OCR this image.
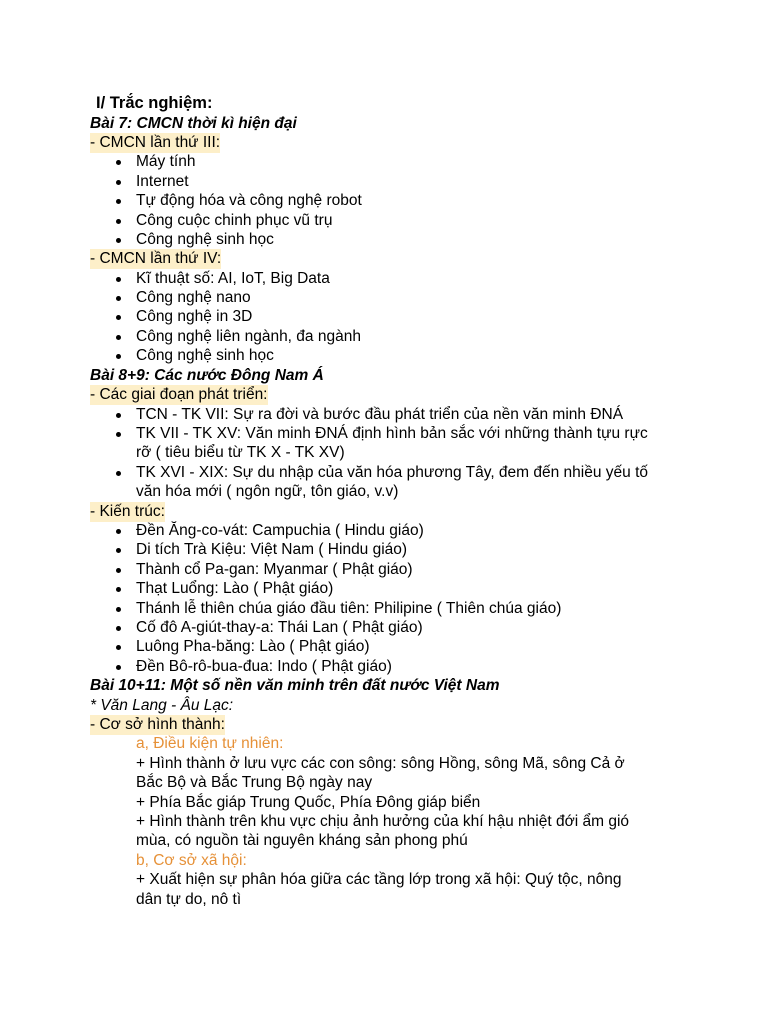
I/ Trắc nghiệm:
Bài 7: CMCN thời kì hiện đại
- CMCN lần thứ III:
Máy tính
Internet
Tự động hóa và công nghệ robot
Công cuộc chinh phục vũ trụ
Công nghệ sinh học
- CMCN lần thứ IV:
Kĩ thuật số: AI, IoT, Big Data
Công nghệ nano
Công nghệ in 3D
Công nghệ liên ngành, đa ngành
Công nghệ sinh học
Bài 8+9: Các nước Đông Nam Á
- Các giai đoạn phát triển:
TCN - TK VII: Sự ra đời và bước đầu phát triển của nền văn minh ĐNÁ
TK VII - TK XV: Văn minh ĐNÁ định hình bản sắc với những thành tựu rực
rỡ ( tiêu biểu từ TK X - TK XV)
TK XVI - XIX: Sự du nhập của văn hóa phương Tây, đem đến nhiều yếu tố
văn hóa mới ( ngôn ngữ, tôn giáo, v.v)
- Kiến trúc:
Đền Ăng-co-vát: Campuchia ( Hindu giáo)
Di tích Trà Kiệu: Việt Nam ( Hindu giáo)
Thành cổ Pa-gan: Myanmar ( Phật giáo)
Thạt Luổng: Lào ( Phật giáo)
Thánh lễ thiên chúa giáo đầu tiên: Philipine ( Thiên chúa giáo)
Cố đô A-giút-thay-a: Thái Lan ( Phật giáo)
Luông Pha-băng: Lào ( Phật giáo)
Đền Bô-rô-bua-đua: Indo ( Phật giáo)
Bài 10+11: Một số nền văn minh trên đất nước Việt Nam
* Văn Lang - Âu Lạc:
- Cơ sở hình thành:
a, Điều kiện tự nhiên:
+ Hình thành ở lưu vực các con sông: sông Hồng, sông Mã, sông Cả ở
Bắc Bộ và Bắc Trung Bộ ngày nay
+ Phía Bắc giáp Trung Quốc, Phía Đông giáp biển
+ Hình thành trên khu vực chịu ảnh hưởng của khí hậu nhiệt đới ẩm gió
mùa, có nguồn tài nguyên kháng sản phong phú
b, Cơ sở xã hội:
+ Xuất hiện sự phân hóa giữa các tầng lớp trong xã hội: Quý tộc, nông
dân tự do, nô tì
